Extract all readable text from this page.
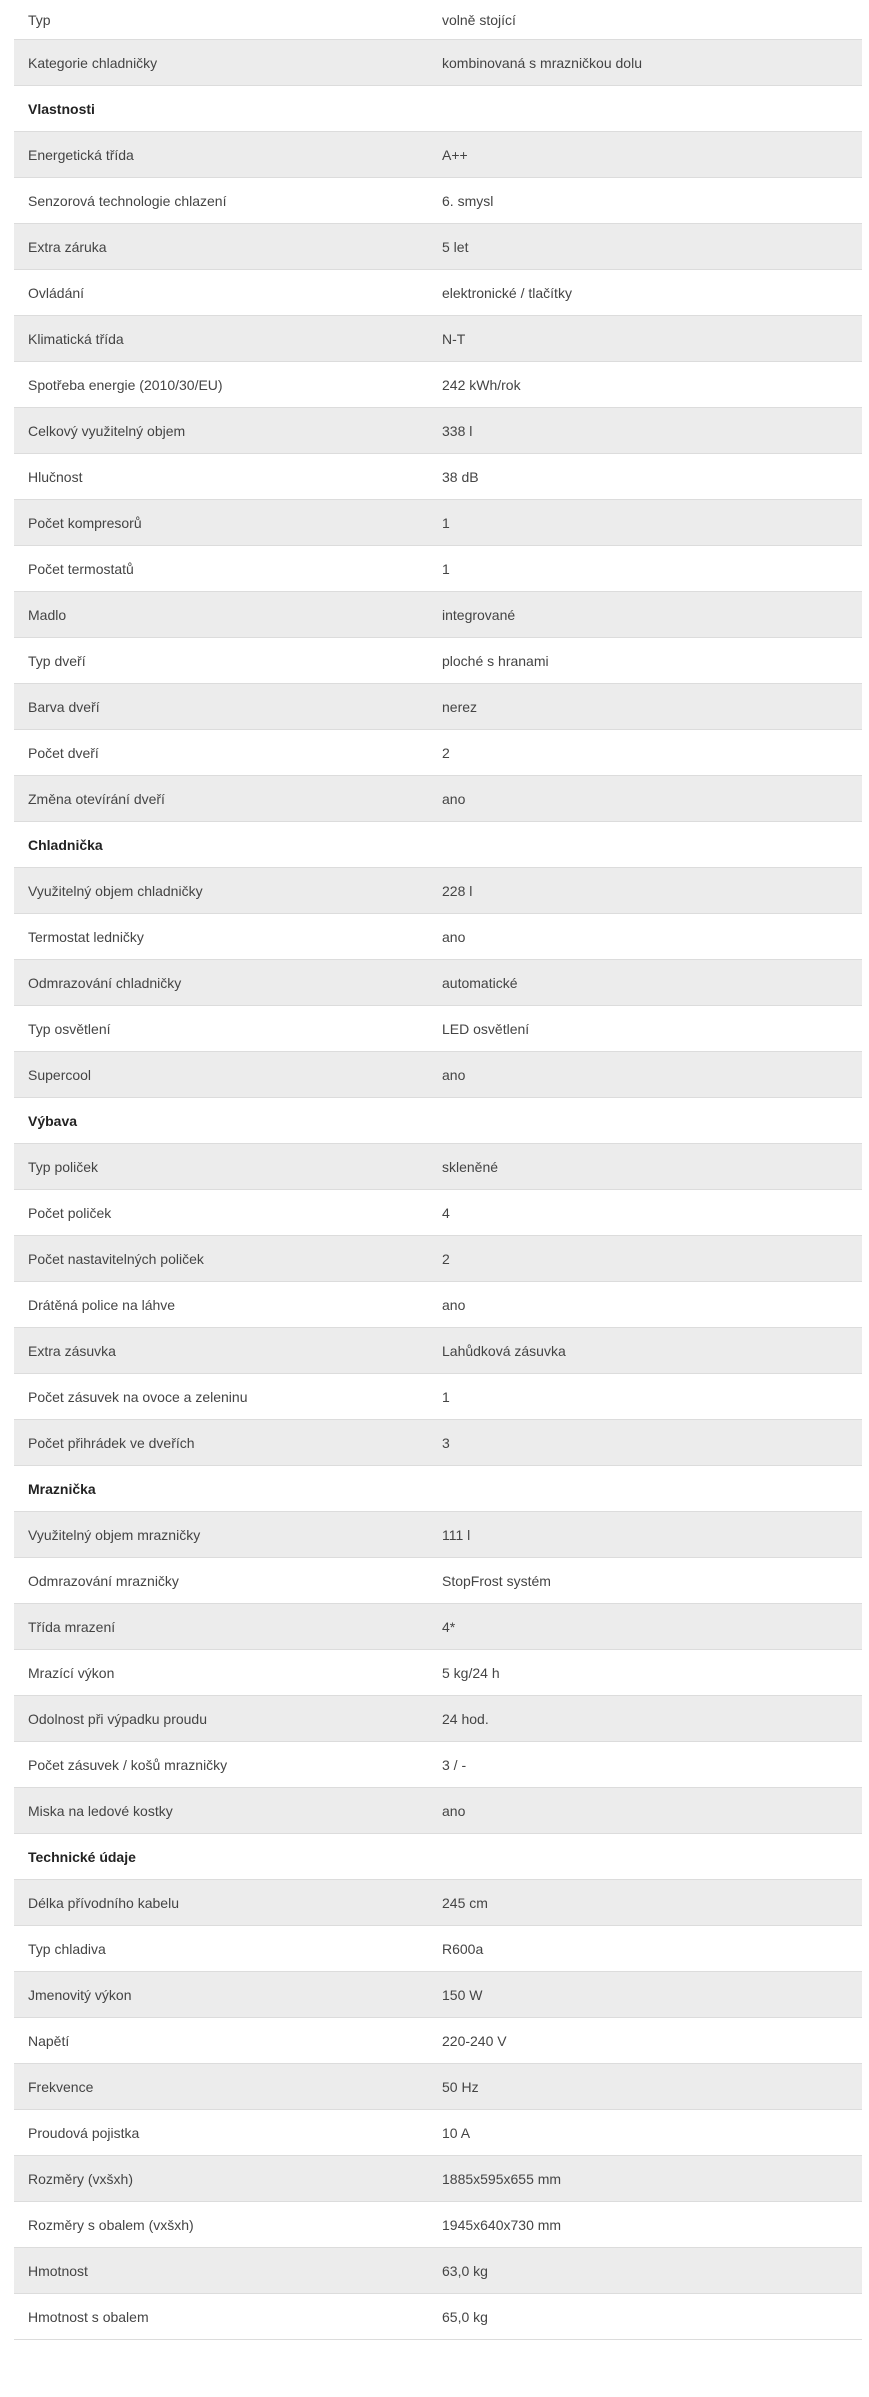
Typ	volně stojící
Kategorie chladničky	kombinovaná s mrazničkou dolu
Vlastnosti
Energetická třída	A++
Senzorová technologie chlazení	6. smysl
Extra záruka	5 let
Ovládání	elektronické / tlačítky
Klimatická třída	N-T
Spotřeba energie (2010/30/EU)	242 kWh/rok
Celkový využitelný objem	338 l
Hlučnost	38 dB
Počet kompresorů	1
Počet termostatů	1
Madlo	integrované
Typ dveří	ploché s hranami
Barva dveří	nerez
Počet dveří	2
Změna otevírání dveří	ano
Chladnička
Využitelný objem chladničky	228 l
Termostat ledničky	ano
Odmrazování chladničky	automatické
Typ osvětlení	LED osvětlení
Supercool	ano
Výbava
Typ poliček	skleněné
Počet poliček	4
Počet nastavitelných poliček	2
Drátěná police na láhve	ano
Extra zásuvka	Lahůdková zásuvka
Počet zásuvek na ovoce a zeleninu	1
Počet přihrádek ve dveřích	3
Mraznička
Využitelný objem mrazničky	111 l
Odmrazování mrazničky	StopFrost systém
Třída mrazení	4*
Mrazící výkon	5 kg/24 h
Odolnost při výpadku proudu	24 hod.
Počet zásuvek / košů mrazničky	3 / -
Miska na ledové kostky	ano
Technické údaje
Délka přívodního kabelu	245 cm
Typ chladiva	R600a
Jmenovitý výkon	150 W
Napětí	220-240 V
Frekvence	50 Hz
Proudová pojistka	10 A
Rozměry (vxšxh)	1885x595x655 mm
Rozměry s obalem (vxšxh)	1945x640x730 mm
Hmotnost	63,0 kg
Hmotnost s obalem	65,0 kg
